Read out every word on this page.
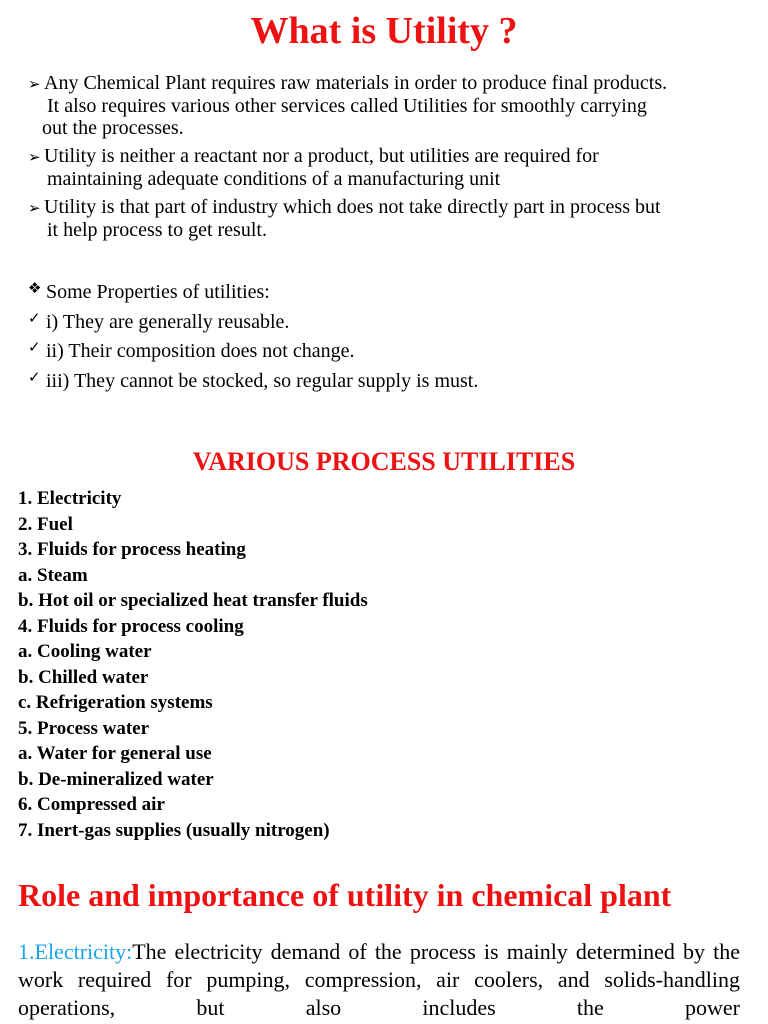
What is Utility ?
➢ Any Chemical Plant requires raw materials in order to produce final products.
It also requires various other services called Utilities for smoothly carrying
out the processes.
➢ Utility is neither a reactant nor a product, but utilities are required for
maintaining adequate conditions of a manufacturing unit
➢ Utility is that part of industry which does not take directly part in process but
it help process to get result.
❖ Some Properties of utilities:
✓ i) They are generally reusable.
✓ ii) Their composition does not change.
✓ iii) They cannot be stocked, so regular supply is must.
VARIOUS PROCESS UTILITIES
1. Electricity
2. Fuel
3. Fluids for process heating
a. Steam
b. Hot oil or specialized heat transfer fluids
4. Fluids for process cooling
a. Cooling water
b. Chilled water
c. Refrigeration systems
5. Process water
a. Water for general use
b. De-mineralized water
6. Compressed air
7. Inert-gas supplies (usually nitrogen)
Role and importance of utility in chemical plant
1.Electricity:The electricity demand of the process is mainly determined by the work required for pumping, compression, air coolers, and solids-handling operations, but also includes the power
